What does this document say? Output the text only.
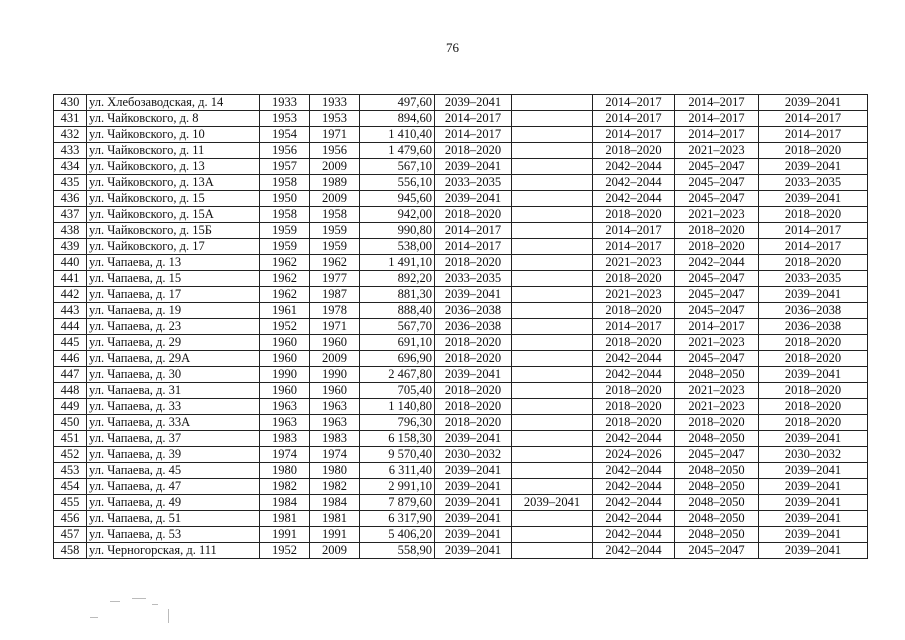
76
430	ул. Хлебозаводская, д. 14	1933	1933	497,60	2039–2041		2014–2017	2014–2017	2039–2041
431	ул. Чайковского, д. 8	1953	1953	894,60	2014–2017		2014–2017	2014–2017	2014–2017
432	ул. Чайковского, д. 10	1954	1971	1 410,40	2014–2017		2014–2017	2014–2017	2014–2017
433	ул. Чайковского, д. 11	1956	1956	1 479,60	2018–2020		2018–2020	2021–2023	2018–2020
434	ул. Чайковского, д. 13	1957	2009	567,10	2039–2041		2042–2044	2045–2047	2039–2041
435	ул. Чайковского, д. 13А	1958	1989	556,10	2033–2035		2042–2044	2045–2047	2033–2035
436	ул. Чайковского, д. 15	1950	2009	945,60	2039–2041		2042–2044	2045–2047	2039–2041
437	ул. Чайковского, д. 15А	1958	1958	942,00	2018–2020		2018–2020	2021–2023	2018–2020
438	ул. Чайковского, д. 15Б	1959	1959	990,80	2014–2017		2014–2017	2018–2020	2014–2017
439	ул. Чайковского, д. 17	1959	1959	538,00	2014–2017		2014–2017	2018–2020	2014–2017
440	ул. Чапаева, д. 13	1962	1962	1 491,10	2018–2020		2021–2023	2042–2044	2018–2020
441	ул. Чапаева, д. 15	1962	1977	892,20	2033–2035		2018–2020	2045–2047	2033–2035
442	ул. Чапаева, д. 17	1962	1987	881,30	2039–2041		2021–2023	2045–2047	2039–2041
443	ул. Чапаева, д. 19	1961	1978	888,40	2036–2038		2018–2020	2045–2047	2036–2038
444	ул. Чапаева, д. 23	1952	1971	567,70	2036–2038		2014–2017	2014–2017	2036–2038
445	ул. Чапаева, д. 29	1960	1960	691,10	2018–2020		2018–2020	2021–2023	2018–2020
446	ул. Чапаева, д. 29А	1960	2009	696,90	2018–2020		2042–2044	2045–2047	2018–2020
447	ул. Чапаева, д. 30	1990	1990	2 467,80	2039–2041		2042–2044	2048–2050	2039–2041
448	ул. Чапаева, д. 31	1960	1960	705,40	2018–2020		2018–2020	2021–2023	2018–2020
449	ул. Чапаева, д. 33	1963	1963	1 140,80	2018–2020		2018–2020	2021–2023	2018–2020
450	ул. Чапаева, д. 33А	1963	1963	796,30	2018–2020		2018–2020	2018–2020	2018–2020
451	ул. Чапаева, д. 37	1983	1983	6 158,30	2039–2041		2042–2044	2048–2050	2039–2041
452	ул. Чапаева, д. 39	1974	1974	9 570,40	2030–2032		2024–2026	2045–2047	2030–2032
453	ул. Чапаева, д. 45	1980	1980	6 311,40	2039–2041		2042–2044	2048–2050	2039–2041
454	ул. Чапаева, д. 47	1982	1982	2 991,10	2039–2041		2042–2044	2048–2050	2039–2041
455	ул. Чапаева, д. 49	1984	1984	7 879,60	2039–2041	2039–2041	2042–2044	2048–2050	2039–2041
456	ул. Чапаева, д. 51	1981	1981	6 317,90	2039–2041		2042–2044	2048–2050	2039–2041
457	ул. Чапаева, д. 53	1991	1991	5 406,20	2039–2041		2042–2044	2048–2050	2039–2041
458	ул. Черногорская, д. 111	1952	2009	558,90	2039–2041		2042–2044	2045–2047	2039–2041
